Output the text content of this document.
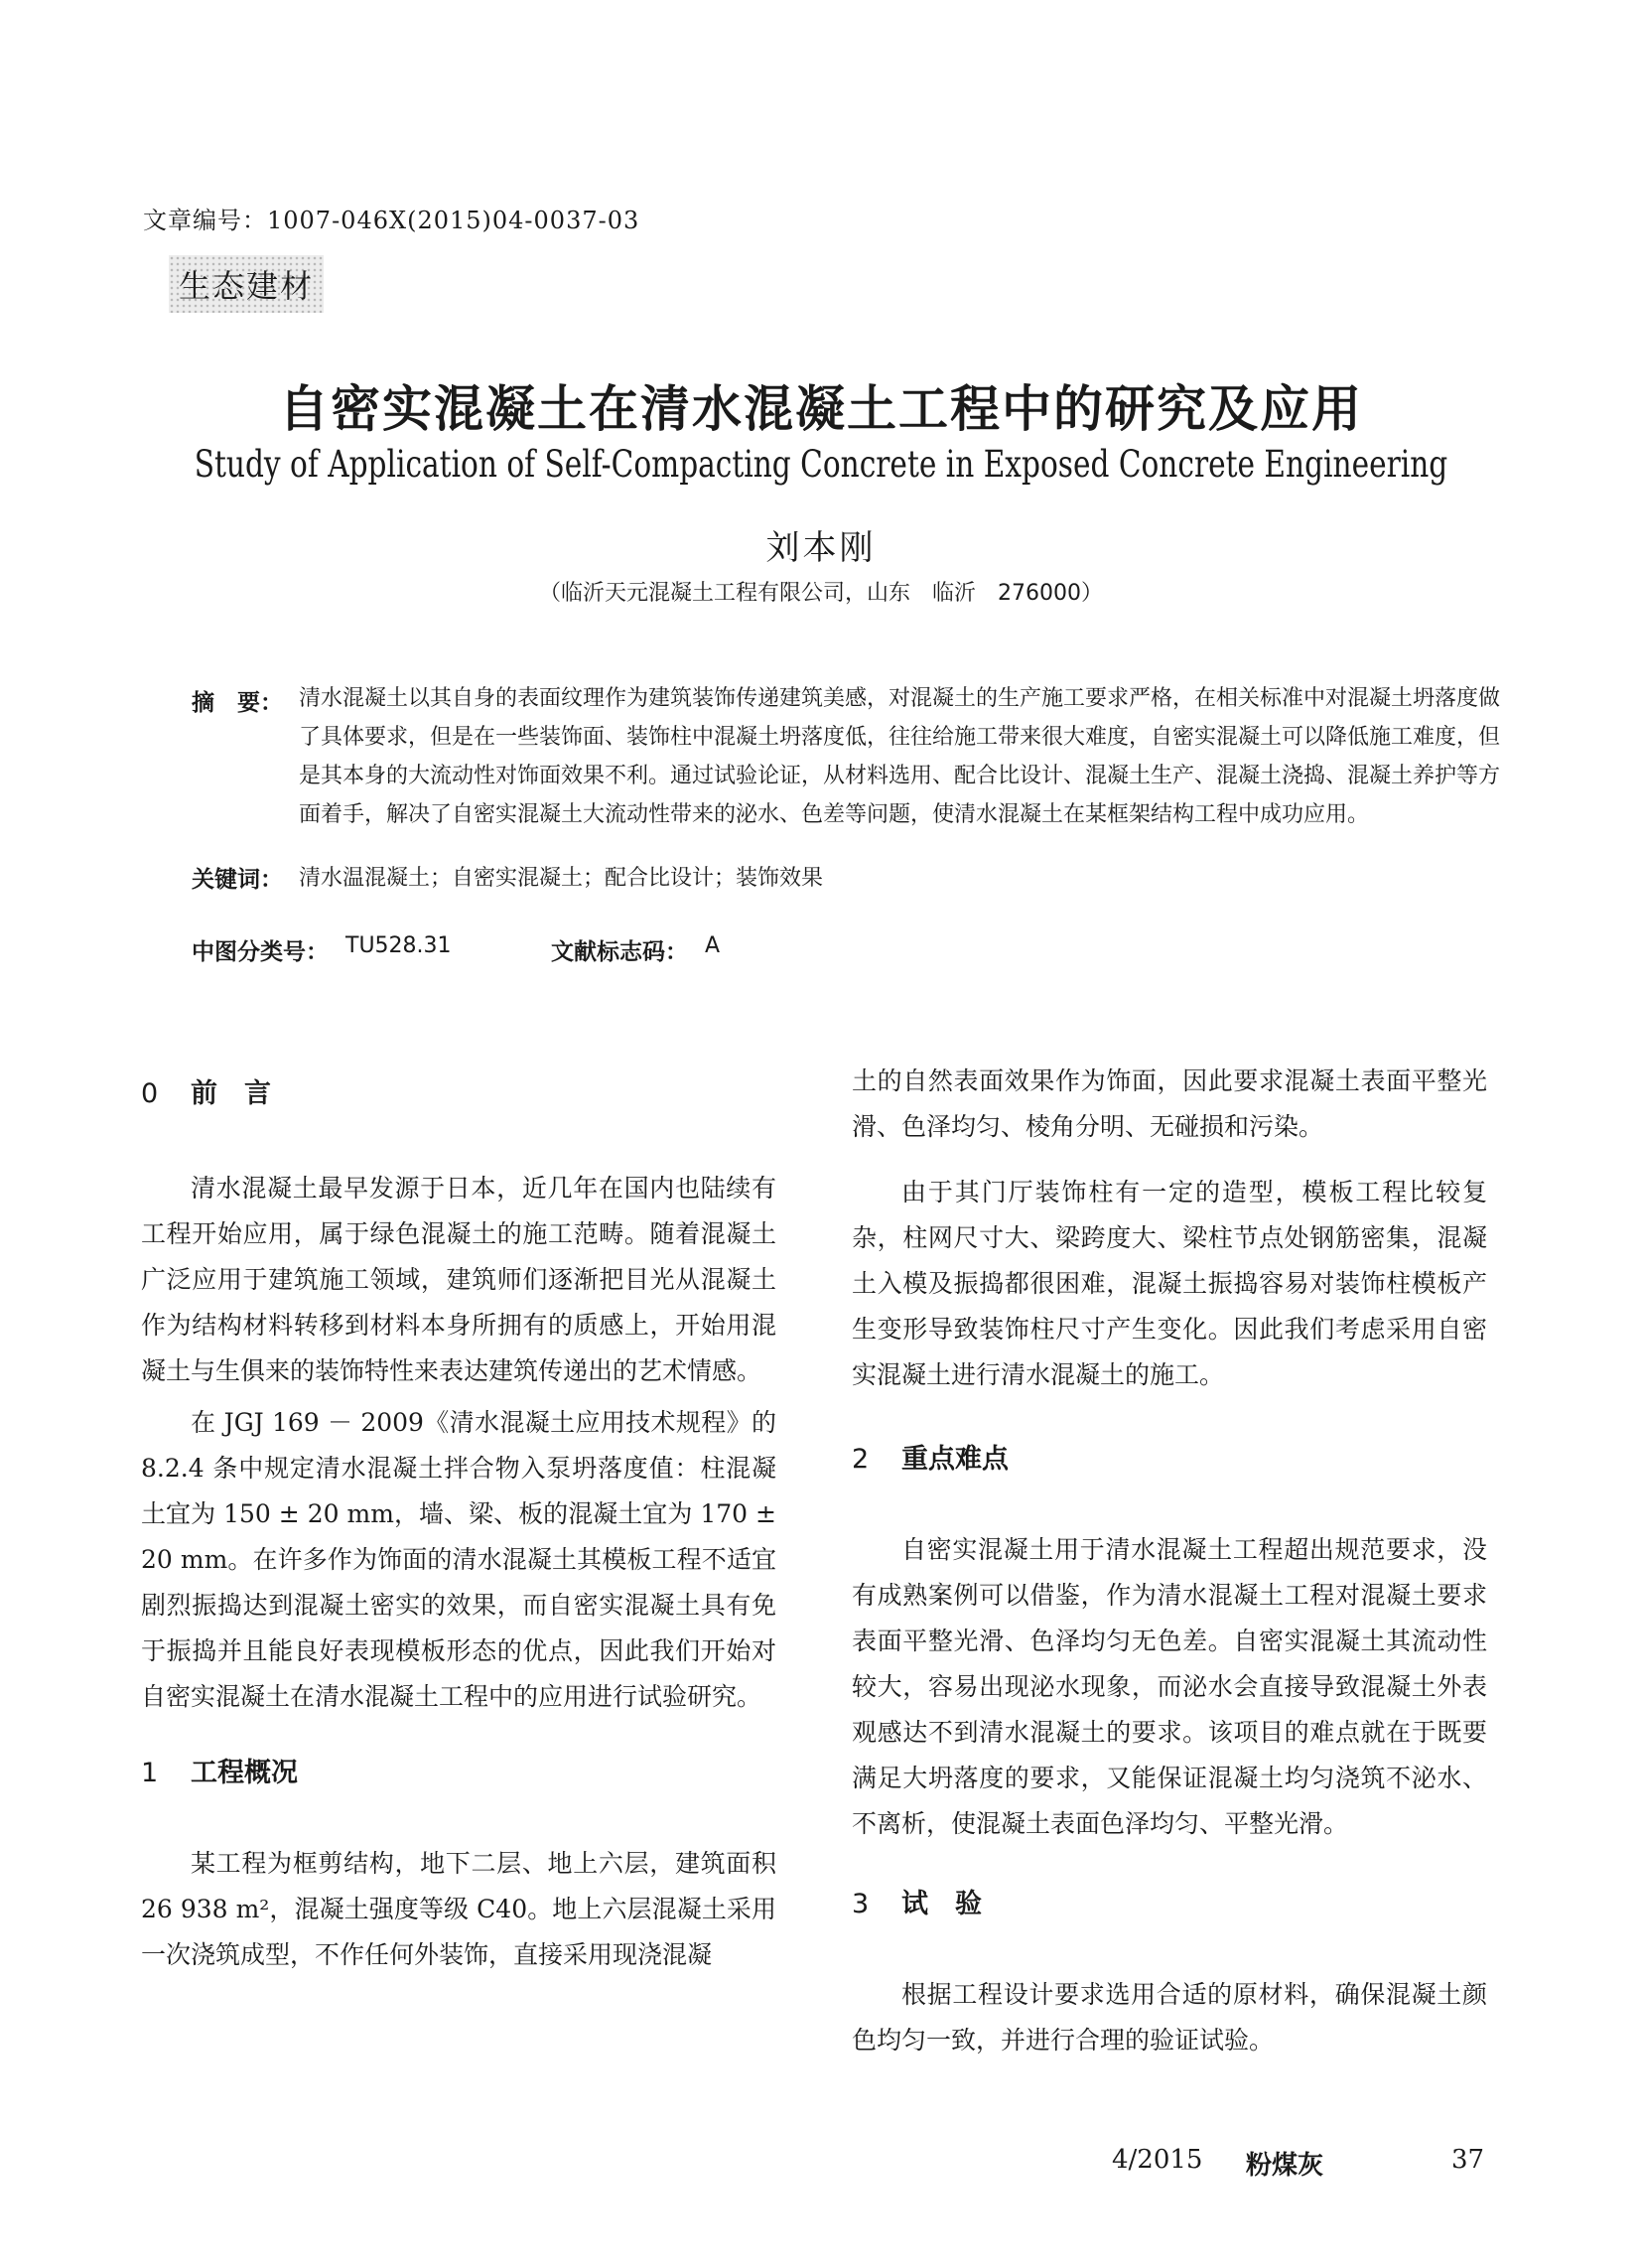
文章编号：1007-046X(2015)04-0037-03
生态建材
自密实混凝土在清水混凝土工程中的研究及应用
Study of Application of Self-Compacting Concrete in Exposed Concrete Engineering
刘本刚
（临沂天元混凝土工程有限公司，山东　临沂　276000）
摘　要： 清水混凝土以其自身的表面纹理作为建筑装饰传递建筑美感，对混凝土的生产施工要求严格，在相关标准中对混凝土坍落度做了具体要求，但是在一些装饰面、装饰柱中混凝土坍落度低，往往给施工带来很大难度，自密实混凝土可以降低施工难度，但是其本身的大流动性对饰面效果不利。通过试验论证，从材料选用、配合比设计、混凝土生产、混凝土浇捣、混凝土养护等方面着手，解决了自密实混凝土大流动性带来的泌水、色差等问题，使清水混凝土在某框架结构工程中成功应用。

关键词： 清水温混凝土；自密实混凝土；配合比设计；装饰效果
中图分类号： TU528.31	文献标志码： A
0 前　言

清水混凝土最早发源于日本，近几年在国内也陆续有工程开始应用，属于绿色混凝土的施工范畴。随着混凝土广泛应用于建筑施工领域，建筑师们逐渐把目光从混凝土作为结构材料转移到材料本身所拥有的质感上，开始用混凝土与生俱来的装饰特性来表达建筑传递出的艺术情感。

在 JGJ 169 － 2009《清水混凝土应用技术规程》的 8.2.4 条中规定清水混凝土拌合物入泵坍落度值：柱混凝土宜为 150 ± 20 mm，墙、梁、板的混凝土宜为 170 ± 20 mm。在许多作为饰面的清水混凝土其模板工程不适宜剧烈振捣达到混凝土密实的效果，而自密实混凝土具有免于振捣并且能良好表现模板形态的优点，因此我们开始对自密实混凝土在清水混凝土工程中的应用进行试验研究。

1 工程概况

某工程为框剪结构，地下二层、地上六层，建筑面积 26 938 m²，混凝土强度等级 C40。地上六层混凝土采用一次浇筑成型，不作任何外装饰，直接采用现浇混凝

土的自然表面效果作为饰面，因此要求混凝土表面平整光滑、色泽均匀、棱角分明、无碰损和污染。

由于其门厅装饰柱有一定的造型，模板工程比较复杂，柱网尺寸大、梁跨度大、梁柱节点处钢筋密集，混凝土入模及振捣都很困难，混凝土振捣容易对装饰柱模板产生变形导致装饰柱尺寸产生变化。因此我们考虑采用自密实混凝土进行清水混凝土的施工。

2 重点难点

自密实混凝土用于清水混凝土工程超出规范要求，没有成熟案例可以借鉴，作为清水混凝土工程对混凝土要求表面平整光滑、色泽均匀无色差。自密实混凝土其流动性较大，容易出现泌水现象，而泌水会直接导致混凝土外表观感达不到清水混凝土的要求。该项目的难点就在于既要满足大坍落度的要求，又能保证混凝土均匀浇筑不泌水、不离析，使混凝土表面色泽均匀、平整光滑。

3 试　验

根据工程设计要求选用合适的原材料，确保混凝土颜色均匀一致，并进行合理的验证试验。

4/2015 粉煤灰	37
